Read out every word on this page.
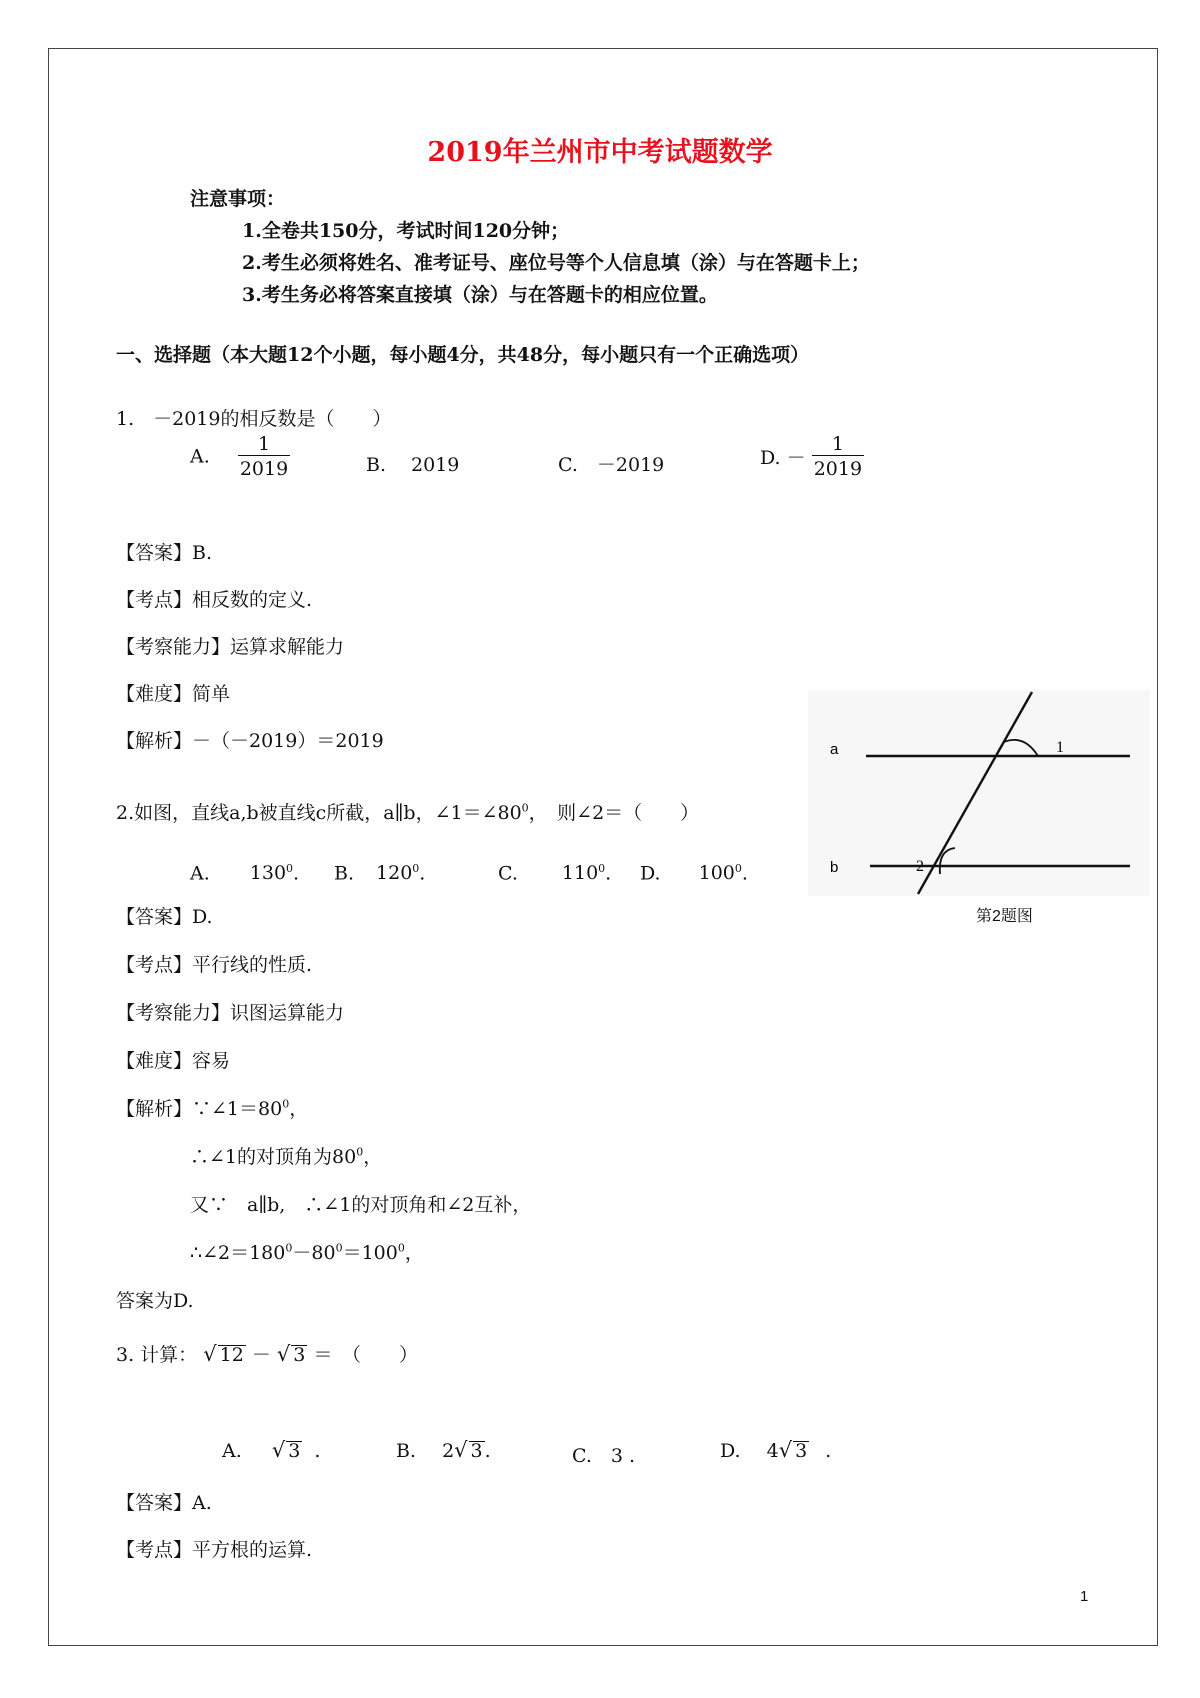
2019年兰州市中考试题数学
注意事项：
1.全卷共150分，考试时间120分钟；
2.考生必须将姓名、准考证号、座位号等个人信息填（涂）与在答题卡上；
3.考生务必将答案直接填（涂）与在答题卡的相应位置。
一、选择题（本大题12个小题，每小题4分，共48分，每小题只有一个正确选项）
1.　－2019的相反数是（　　）
A. $\frac{1}{2019}$	B.　 2019	C.　－2019	D. － $\frac{1}{2019}$
【答案】B.
【考点】相反数的定义.
【考察能力】运算求解能力
【难度】简单
【解析】－（－2019）＝2019	a
b
1
2
第2题图
2.如图，直线a,b被直线c所截，a∥b，$\angle 1=\angle 80^0$，　则∠2＝（　　）
A. $130^0$. B. $120^0$.	C. $110^0$. D. $100^0$.
【答案】D.
【考点】平行线的性质.
【考察能力】识图运算能力
【难度】容易
【解析】$\because\angle 1=80^0$，
∴∠1的对顶角为$80^0$，
又∵　a∥b,　∴∠1的对顶角和∠2互补，
$\therefore\angle 2=180^0-80^0=100^0$，
答案为D.
3. 计算： √ 12 － √ 3 ＝　（　　）
A. √ 3 .	B. 2√ 3 .	C.　3 .	D. 4√ 3 .
【答案】A.
【考点】平方根的运算.
1
